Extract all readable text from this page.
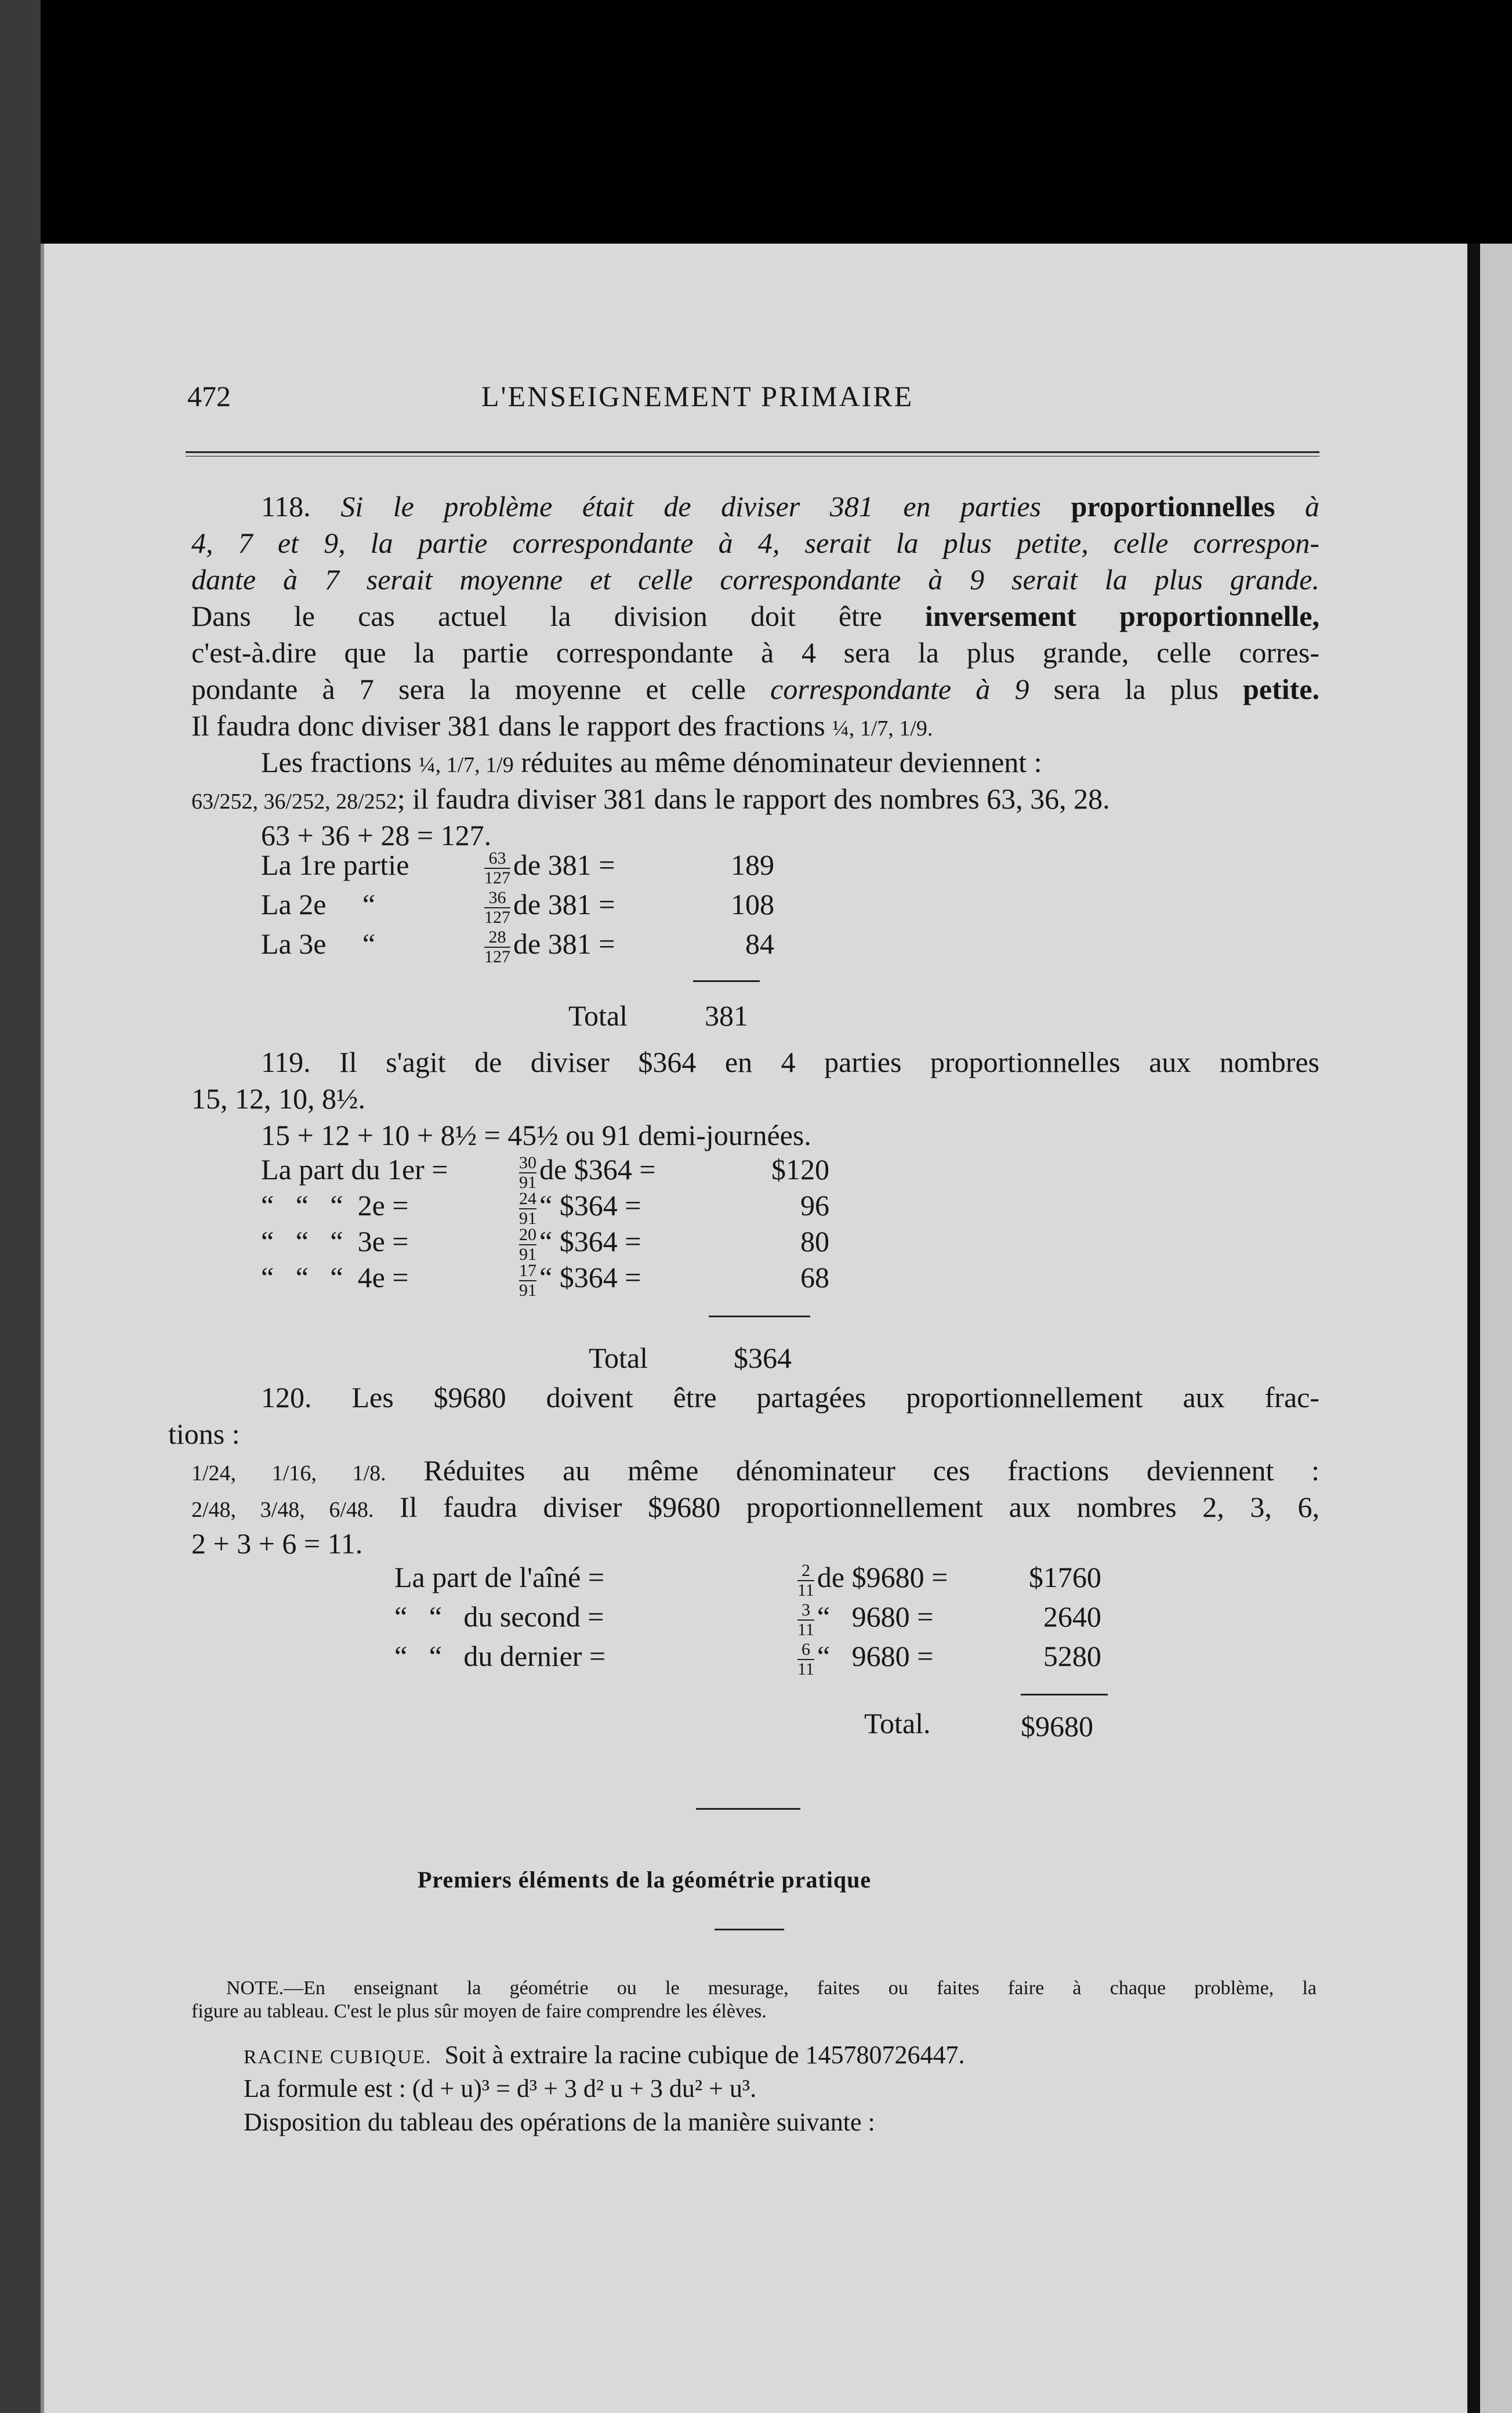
472	L'ENSEIGNEMENT PRIMAIRE
118. Si le problème était de diviser 381 en parties proportionnelles à
4, 7 et 9, la partie correspondante à 4, serait la plus petite, celle correspon-
dante à 7 serait moyenne et celle correspondante à 9 serait la plus grande.
Dans le cas actuel la division doit être inversement proportionnelle,
c'est-à.dire que la partie correspondante à 4 sera la plus grande, celle corres-
pondante à 7 sera la moyenne et celle correspondante à 9 sera la plus petite.
Il faudra donc diviser 381 dans le rapport des fractions ¼, 1/7, 1/9.
Les fractions ¼, 1/7, 1/9 réduites au même dénominateur deviennent :
63/252, 36/252, 28/252; il faudra diviser 381 dans le rapport des nombres 63, 36, 28.
63 + 36 + 28 = 127.
La 1re partie	$\frac{63}{127}$ de 381 =	189
La 2e     “	$\frac{36}{127}$ de 381 =	108
La 3e     “	$\frac{28}{127}$ de 381 =	84
Total	381
119. Il s'agit de diviser $364 en 4 parties proportionnelles aux nombres
15, 12, 10, 8½.
15 + 12 + 10 + 8½ = 45½ ou 91 demi-journées.
La part du 1er =	$\frac{30}{91}$ de $364 =	$120
“   “   “  2e =	$\frac{24}{91}$ “ $364 =	96
“   “   “  3e =	$\frac{20}{91}$ “ $364 =	80
“   “   “  4e =	$\frac{17}{91}$ “ $364 =	68
Total	$364
120. Les $9680 doivent être partagées proportionnellement aux frac-
tions :
1/24, 1/16, 1/8. Réduites au même dénominateur ces fractions deviennent :
2/48, 3/48, 6/48. Il faudra diviser $9680 proportionnellement aux nombres 2, 3, 6,
2 + 3 + 6 = 11.
La part de l'aîné =	$\frac{2}{11}$ de $9680 =	$1760
“   “   du second =	$\frac{3}{11}$ “   9680 =	2640
“   “   du dernier =	$\frac{6}{11}$ “   9680 =	5280
Total.	$9680
Premiers éléments de la géométrie pratique
NOTE.—En enseignant la géométrie ou le mesurage, faites ou faites faire à chaque problème, la
figure au tableau. C'est le plus sûr moyen de faire comprendre les élèves.
RACINE CUBIQUE. Soit à extraire la racine cubique de 145780726447.
La formule est : (d + u)³ = d³ + 3 d² u + 3 du² + u³.
Disposition du tableau des opérations de la manière suivante :
